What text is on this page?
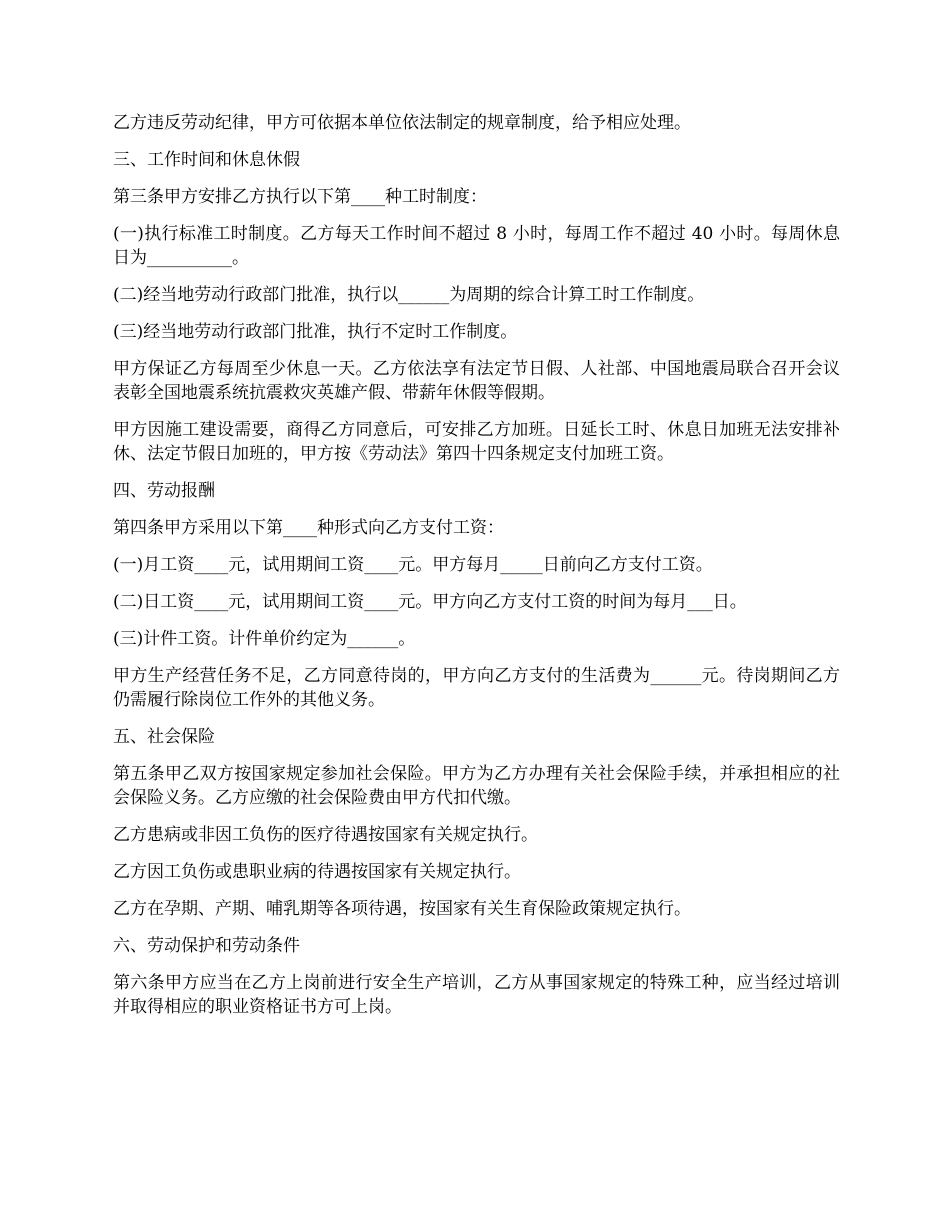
乙方违反劳动纪律，甲方可依据本单位依法制定的规章制度，给予相应处理。

三、工作时间和休息休假

第三条甲方安排乙方执行以下第____种工时制度：

(一)执行标准工时制度。乙方每天工作时间不超过 8 小时，每周工作不超过 40 小时。每周休息日为__________。

(二)经当地劳动行政部门批准，执行以______为周期的综合计算工时工作制度。

(三)经当地劳动行政部门批准，执行不定时工作制度。

甲方保证乙方每周至少休息一天。乙方依法享有法定节日假、人社部、中国地震局联合召开会议表彰全国地震系统抗震救灾英雄产假、带薪年休假等假期。

甲方因施工建设需要，商得乙方同意后，可安排乙方加班。日延长工时、休息日加班无法安排补休、法定节假日加班的，甲方按《劳动法》第四十四条规定支付加班工资。

四、劳动报酬

第四条甲方采用以下第____种形式向乙方支付工资：

(一)月工资____元，试用期间工资____元。甲方每月_____日前向乙方支付工资。

(二)日工资____元，试用期间工资____元。甲方向乙方支付工资的时间为每月___日。

(三)计件工资。计件单价约定为______。

甲方生产经营任务不足，乙方同意待岗的，甲方向乙方支付的生活费为______元。待岗期间乙方仍需履行除岗位工作外的其他义务。

五、社会保险

第五条甲乙双方按国家规定参加社会保险。甲方为乙方办理有关社会保险手续，并承担相应的社会保险义务。乙方应缴的社会保险费由甲方代扣代缴。

乙方患病或非因工负伤的医疗待遇按国家有关规定执行。

乙方因工负伤或患职业病的待遇按国家有关规定执行。

乙方在孕期、产期、哺乳期等各项待遇，按国家有关生育保险政策规定执行。

六、劳动保护和劳动条件

第六条甲方应当在乙方上岗前进行安全生产培训，乙方从事国家规定的特殊工种，应当经过培训并取得相应的职业资格证书方可上岗。
